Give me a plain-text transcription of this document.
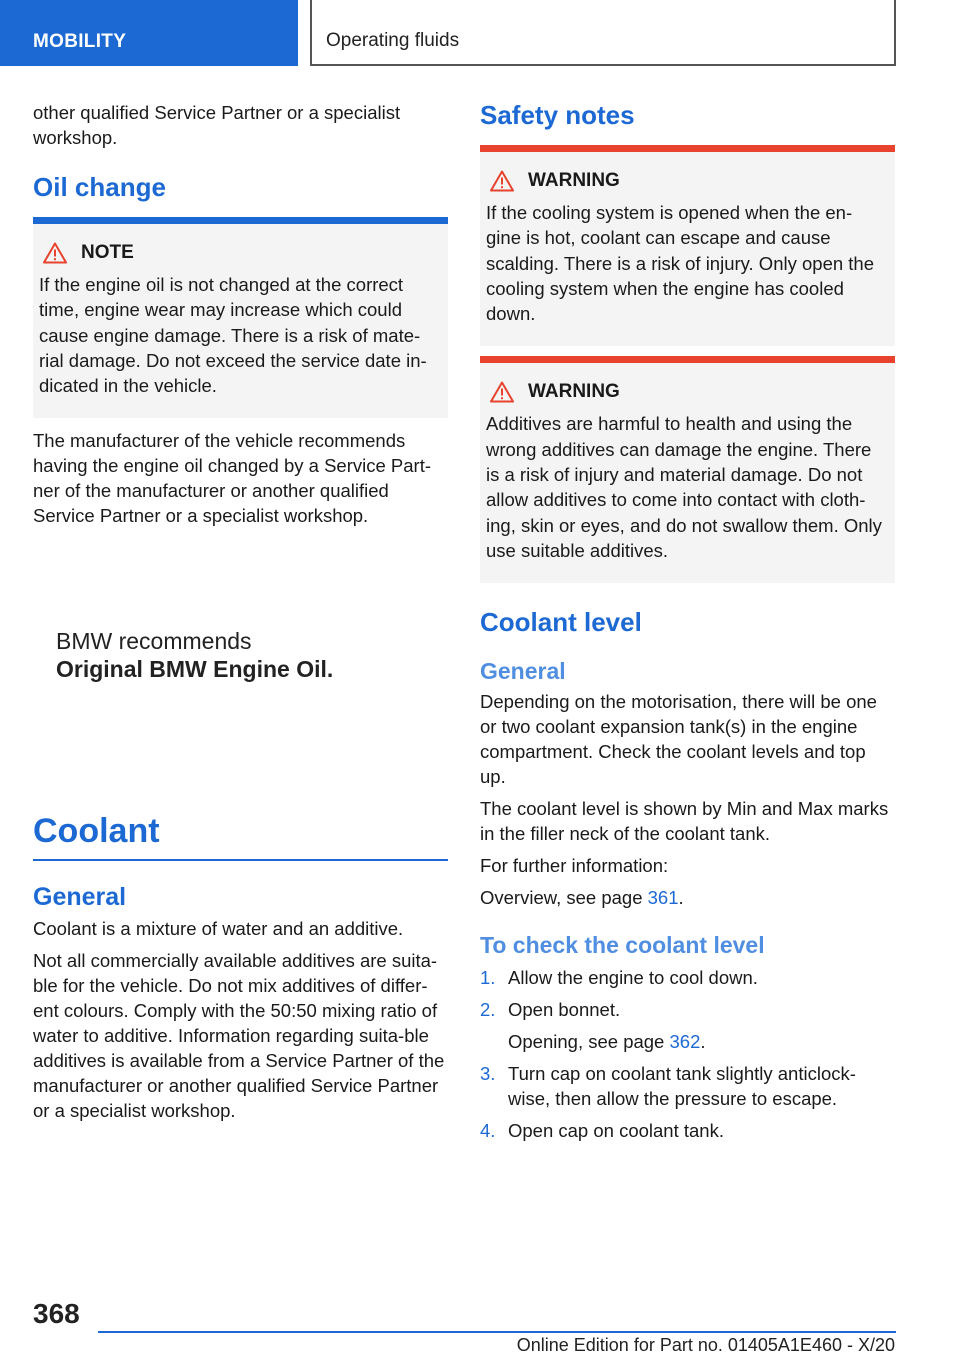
MOBILITY	Operating fluids

other qualified Service Partner or a specialist workshop.

Oil change
NOTE
If the engine oil is not changed at the correct time, engine wear may increase which could cause engine damage. There is a risk of mate‐rial damage. Do not exceed the service date in‐dicated in the vehicle.

The manufacturer of the vehicle recommends having the engine oil changed by a Service Part‐ner of the manufacturer or another qualified Service Partner or a specialist workshop.

BMW recommends
Original BMW Engine Oil.
Coolant
General

Coolant is a mixture of water and an additive.

Not all commercially available additives are suita‐ble for the vehicle. Do not mix additives of differ‐ent colours. Comply with the 50:50 mixing ratio of water to additive. Information regarding suita‐ble additives is available from a Service Partner of the manufacturer or another qualified Service Partner or a specialist workshop.

Safety notes
WARNING
If the cooling system is opened when the en‐gine is hot, coolant can escape and cause scalding. There is a risk of injury. Only open the cooling system when the engine has cooled down.
WARNING
Additives are harmful to health and using the wrong additives can damage the engine. There is a risk of injury and material damage. Do not allow additives to come into contact with cloth‐ing, skin or eyes, and do not swallow them. Only use suitable additives.
Coolant level
General

Depending on the motorisation, there will be one or two coolant expansion tank(s) in the engine compartment. Check the coolant levels and top up.

The coolant level is shown by Min and Max marks in the filler neck of the coolant tank.

For further information:

Overview, see page 361.

To check the coolant level
1. Allow the engine to cool down.
2. Open bonnet.
Opening, see page 362.
3. Turn cap on coolant tank slightly anticlock‐wise, then allow the pressure to escape.
4. Open cap on coolant tank.
368
Online Edition for Part no. 01405A1E460 - X/20
